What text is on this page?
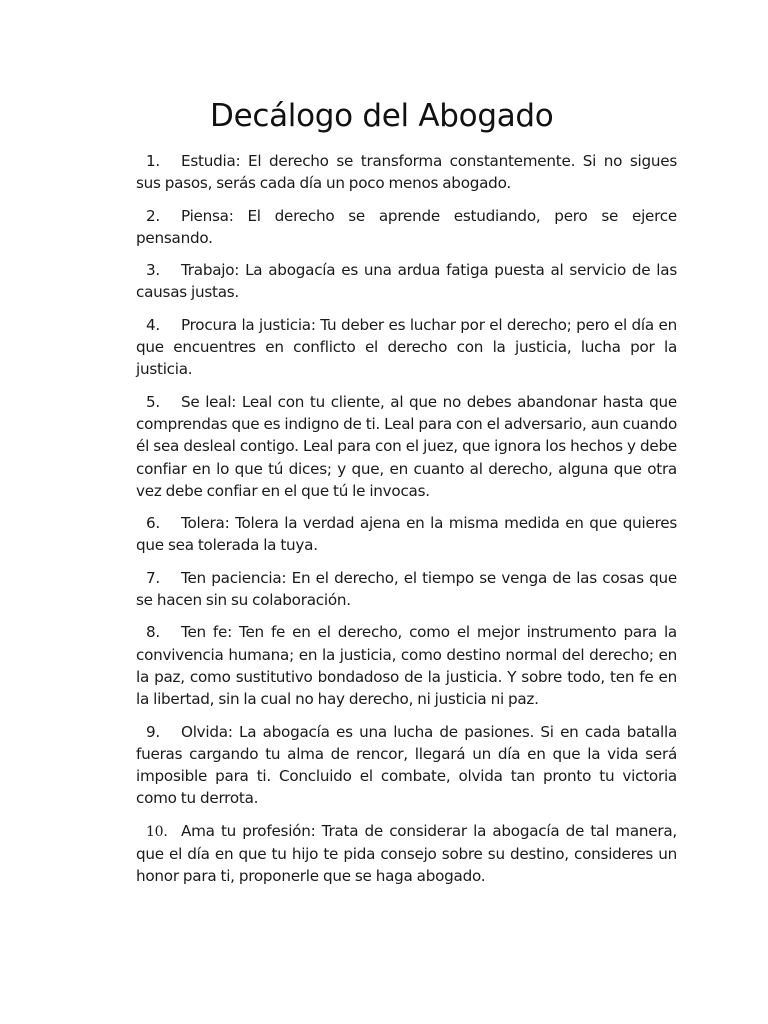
Decálogo del Abogado
1. Estudia: El derecho se transforma constantemente. Si no sigues sus pasos, serás cada día un poco menos abogado.
2. Piensa: El derecho se aprende estudiando, pero se ejerce pensando.
3. Trabajo: La abogacía es una ardua fatiga puesta al servicio de las causas justas.
4. Procura la justicia: Tu deber es luchar por el derecho; pero el día en que encuentres en conflicto el derecho con la justicia, lucha por la justicia.
5. Se leal: Leal con tu cliente, al que no debes abandonar hasta que comprendas que es indigno de ti. Leal para con el adversario, aun cuando él sea desleal contigo. Leal para con el juez, que ignora los hechos y debe confiar en lo que tú dices; y que, en cuanto al derecho, alguna que otra vez debe confiar en el que tú le invocas.
6. Tolera: Tolera la verdad ajena en la misma medida en que quieres que sea tolerada la tuya.
7. Ten paciencia: En el derecho, el tiempo se venga de las cosas que se hacen sin su colaboración.
8. Ten fe: Ten fe en el derecho, como el mejor instrumento para la convivencia humana; en la justicia, como destino normal del derecho; en la paz, como sustitutivo bondadoso de la justicia. Y sobre todo, ten fe en la libertad, sin la cual no hay derecho, ni justicia ni paz.
9. Olvida: La abogacía es una lucha de pasiones. Si en cada batalla fueras cargando tu alma de rencor, llegará un día en que la vida será imposible para ti. Concluido el combate, olvida tan pronto tu victoria como tu derrota.
10. Ama tu profesión: Trata de considerar la abogacía de tal manera, que el día en que tu hijo te pida consejo sobre su destino, consideres un honor para ti, proponerle que se haga abogado.
